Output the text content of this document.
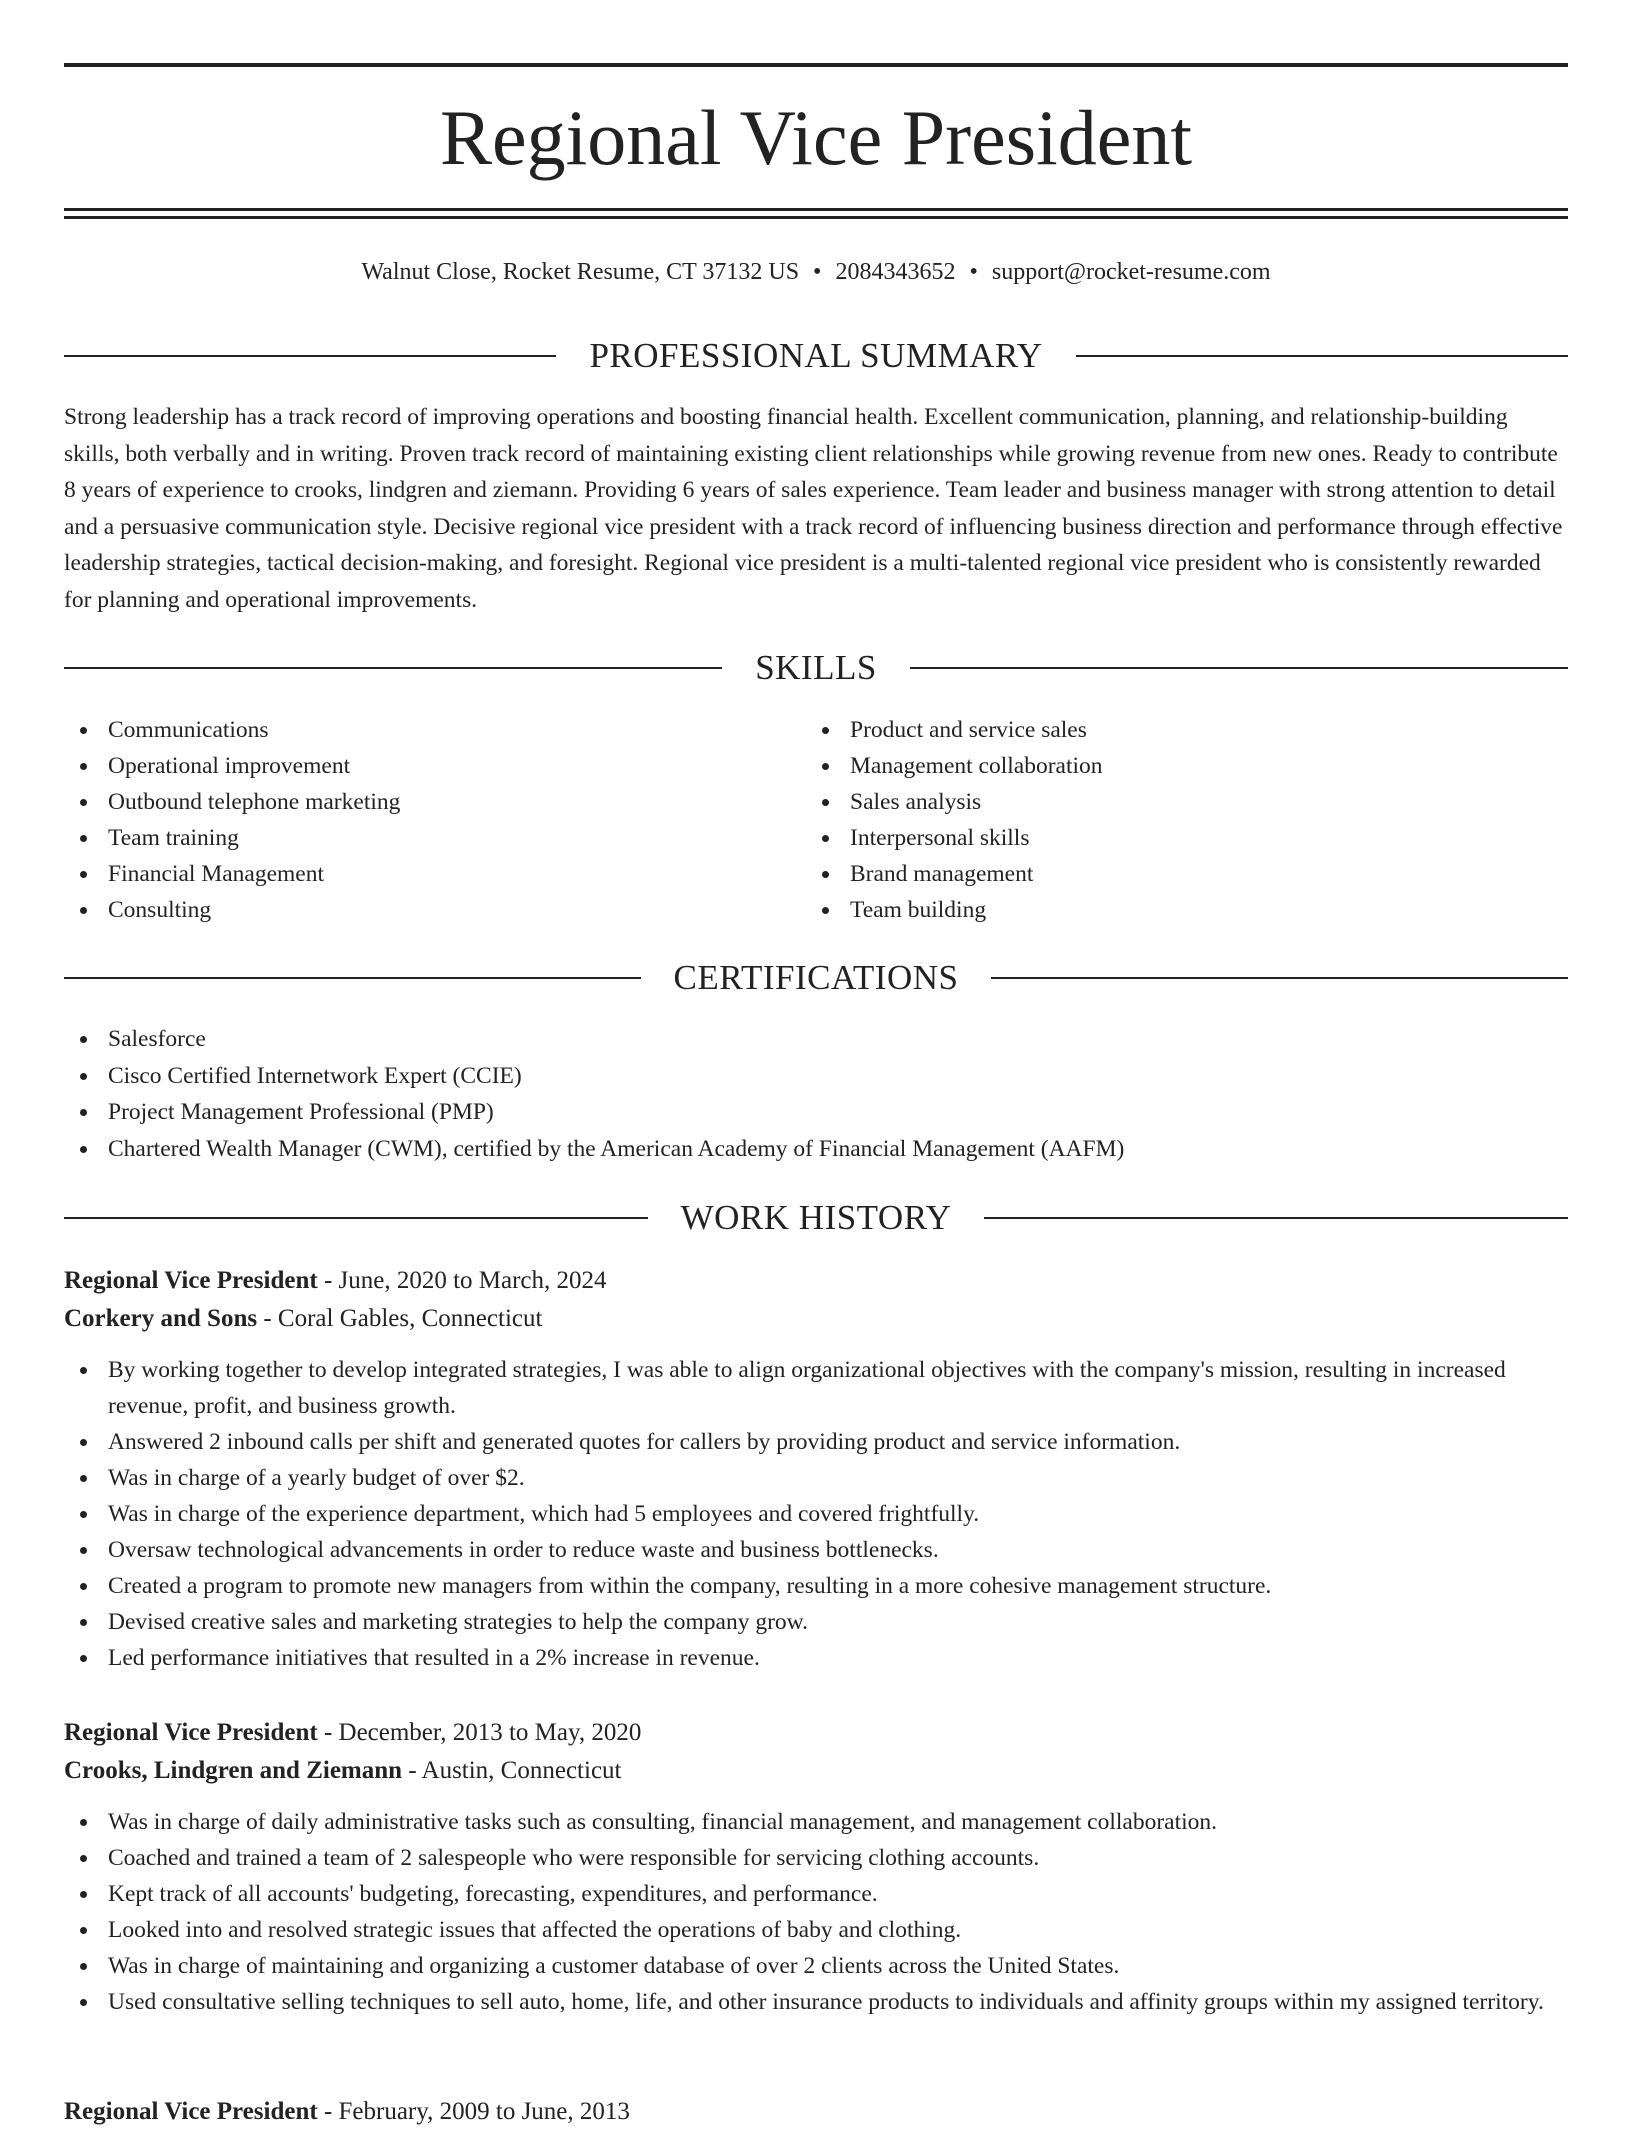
Regional Vice President
Walnut Close, Rocket Resume, CT 37132 US • 2084343652 • support@rocket-resume.com
PROFESSIONAL SUMMARY

Strong leadership has a track record of improving operations and boosting financial health. Excellent communication, planning, and relationship-building skills, both verbally and in writing. Proven track record of maintaining existing client relationships while growing revenue from new ones. Ready to contribute 8 years of experience to crooks, lindgren and ziemann. Providing 6 years of sales experience. Team leader and business manager with strong attention to detail and a persuasive communication style. Decisive regional vice president with a track record of influencing business direction and performance through effective leadership strategies, tactical decision-making, and foresight. Regional vice president is a multi-talented regional vice president who is consistently rewarded for planning and operational improvements.

SKILLS
Communications
Operational improvement
Outbound telephone marketing
Team training
Financial Management
Consulting
Product and service sales
Management collaboration
Sales analysis
Interpersonal skills
Brand management
Team building
CERTIFICATIONS
Salesforce
Cisco Certified Internetwork Expert (CCIE)
Project Management Professional (PMP)
Chartered Wealth Manager (CWM), certified by the American Academy of Financial Management (AAFM)
WORK HISTORY
Regional Vice President - June, 2020 to March, 2024
Corkery and Sons - Coral Gables, Connecticut
By working together to develop integrated strategies, I was able to align organizational objectives with the company's mission, resulting in increased revenue, profit, and business growth.
Answered 2 inbound calls per shift and generated quotes for callers by providing product and service information.
Was in charge of a yearly budget of over $2.
Was in charge of the experience department, which had 5 employees and covered frightfully.
Oversaw technological advancements in order to reduce waste and business bottlenecks.
Created a program to promote new managers from within the company, resulting in a more cohesive management structure.
Devised creative sales and marketing strategies to help the company grow.
Led performance initiatives that resulted in a 2% increase in revenue.
Regional Vice President - December, 2013 to May, 2020
Crooks, Lindgren and Ziemann - Austin, Connecticut
Was in charge of daily administrative tasks such as consulting, financial management, and management collaboration.
Coached and trained a team of 2 salespeople who were responsible for servicing clothing accounts.
Kept track of all accounts' budgeting, forecasting, expenditures, and performance.
Looked into and resolved strategic issues that affected the operations of baby and clothing.
Was in charge of maintaining and organizing a customer database of over 2 clients across the United States.
Used consultative selling techniques to sell auto, home, life, and other insurance products to individuals and affinity groups within my assigned territory.
Regional Vice President - February, 2009 to June, 2013
